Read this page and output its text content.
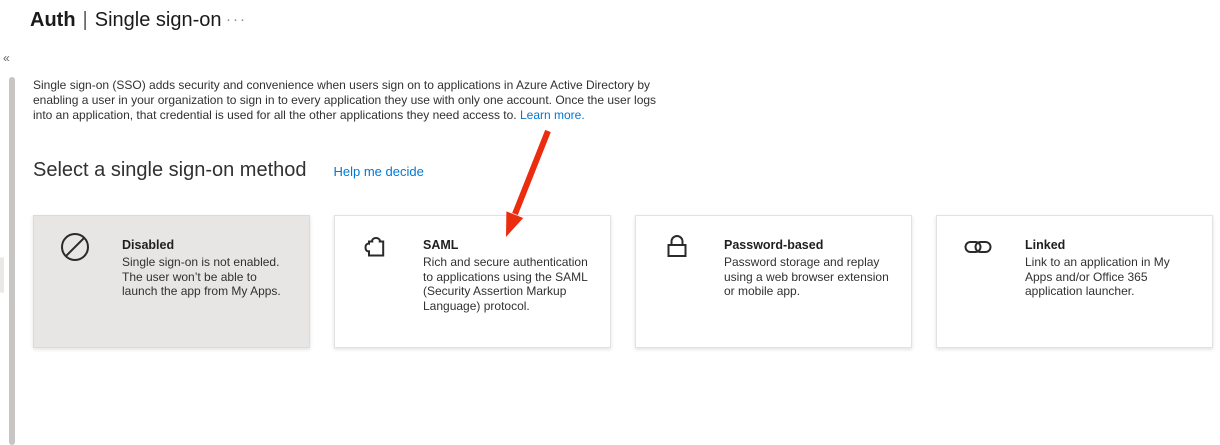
Auth | Single sign-on ···
«

Single sign-on (SSO) adds security and convenience when users sign on to applications in Azure Active Directory by enabling a user in your organization to sign in to every application they use with only one account. Once the user logs into an application, that credential is used for all the other applications they need access to. Learn more.

Select a single sign-on method Help me decide
Disabled
Single sign-on is not enabled. The user won’t be able to launch the app from My Apps.
SAML
Rich and secure authentication to applications using the SAML (Security Assertion Markup Language) protocol.
Password-based
Password storage and replay using a web browser extension or mobile app.
Linked
Link to an application in My Apps and/or Office 365 application launcher.
